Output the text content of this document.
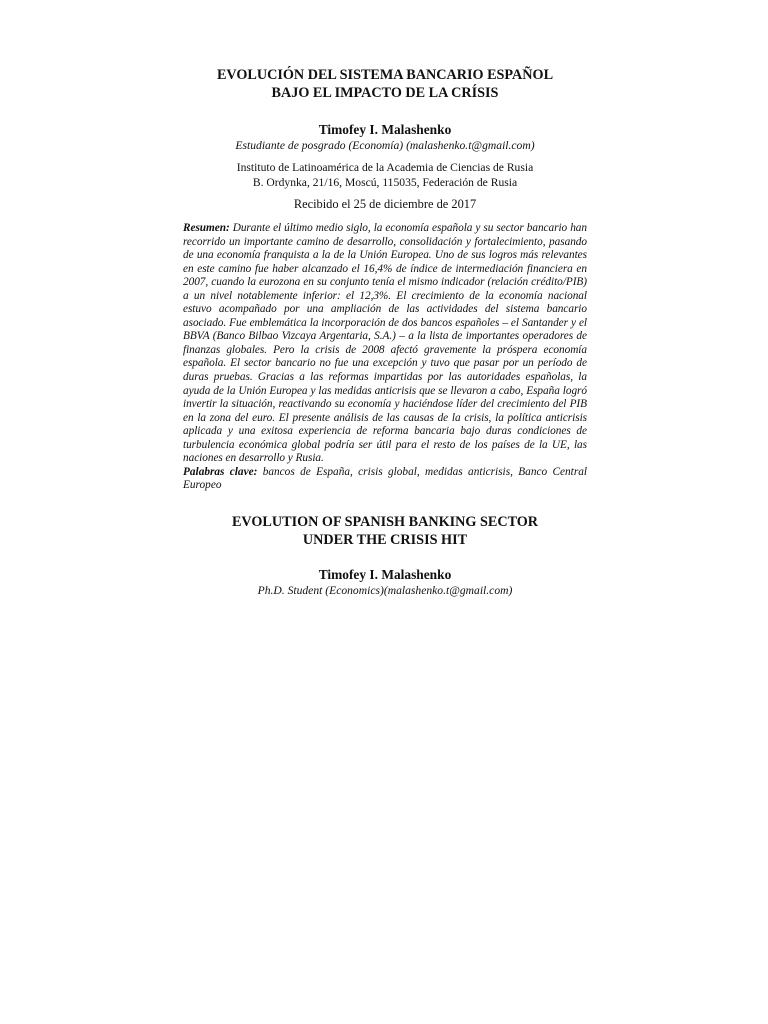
EVOLUCIÓN DEL SISTEMA BANCARIO ESPAÑOL
BAJO EL IMPACTO DE LA CRÍSIS

Timofey I. Malashenko

Estudiante de posgrado (Economía) (malashenko.t@gmail.com)

Instituto de Latinoamérica de la Academia de Ciencias de Rusia
B. Ordynka, 21/16, Moscú, 115035, Federación de Rusia

Recibido el 25 de diciembre de 2017

Resumen: Durante el último medio siglo, la economía española y su sector bancario han recorrido un importante camino de desarrollo, consolidación y fortalecimiento, pasando de una economía franquista a la de la Unión Europea. Uno de sus logros más relevantes en este camino fue haber alcanzado el 16,4% de índice de intermediación financiera en 2007, cuando la eurozona en su conjunto tenía el mismo indicador (relación crédito/PIB) a un nivel notablemente inferior: el 12,3%. El crecimiento de la economía nacional estuvo acompañado por una ampliación de las actividades del sistema bancario asociado. Fue emblemática la incorporación de dos bancos españoles – el Santander y el BBVA (Banco Bilbao Vizcaya Argentaria, S.A.) – a la lista de importantes operadores de finanzas globales. Pero la crisis de 2008 afectó gravemente la próspera economía española. El sector bancario no fue una excepción y tuvo que pasar por un período de duras pruebas. Gracias a las reformas impartidas por las autoridades españolas, la ayuda de la Unión Europea y las medidas anticrisis que se llevaron a cabo, España logró invertir la situación, reactivando su economía y haciéndose líder del crecimiento del PIB en la zona del euro. El presente análisis de las causas de la crisis, la política anticrisis aplicada y una exitosa experiencia de reforma bancaria bajo duras condiciones de turbulencia económica global podría ser útil para el resto de los países de la UE, las naciones en desarrollo y Rusia.

Palabras clave: bancos de España, crisis global, medidas anticrisis, Banco Central Europeo

EVOLUTION OF SPANISH BANKING SECTOR
UNDER THE CRISIS HIT

Timofey I. Malashenko

Ph.D. Student (Economics)(malashenko.t@gmail.com)
